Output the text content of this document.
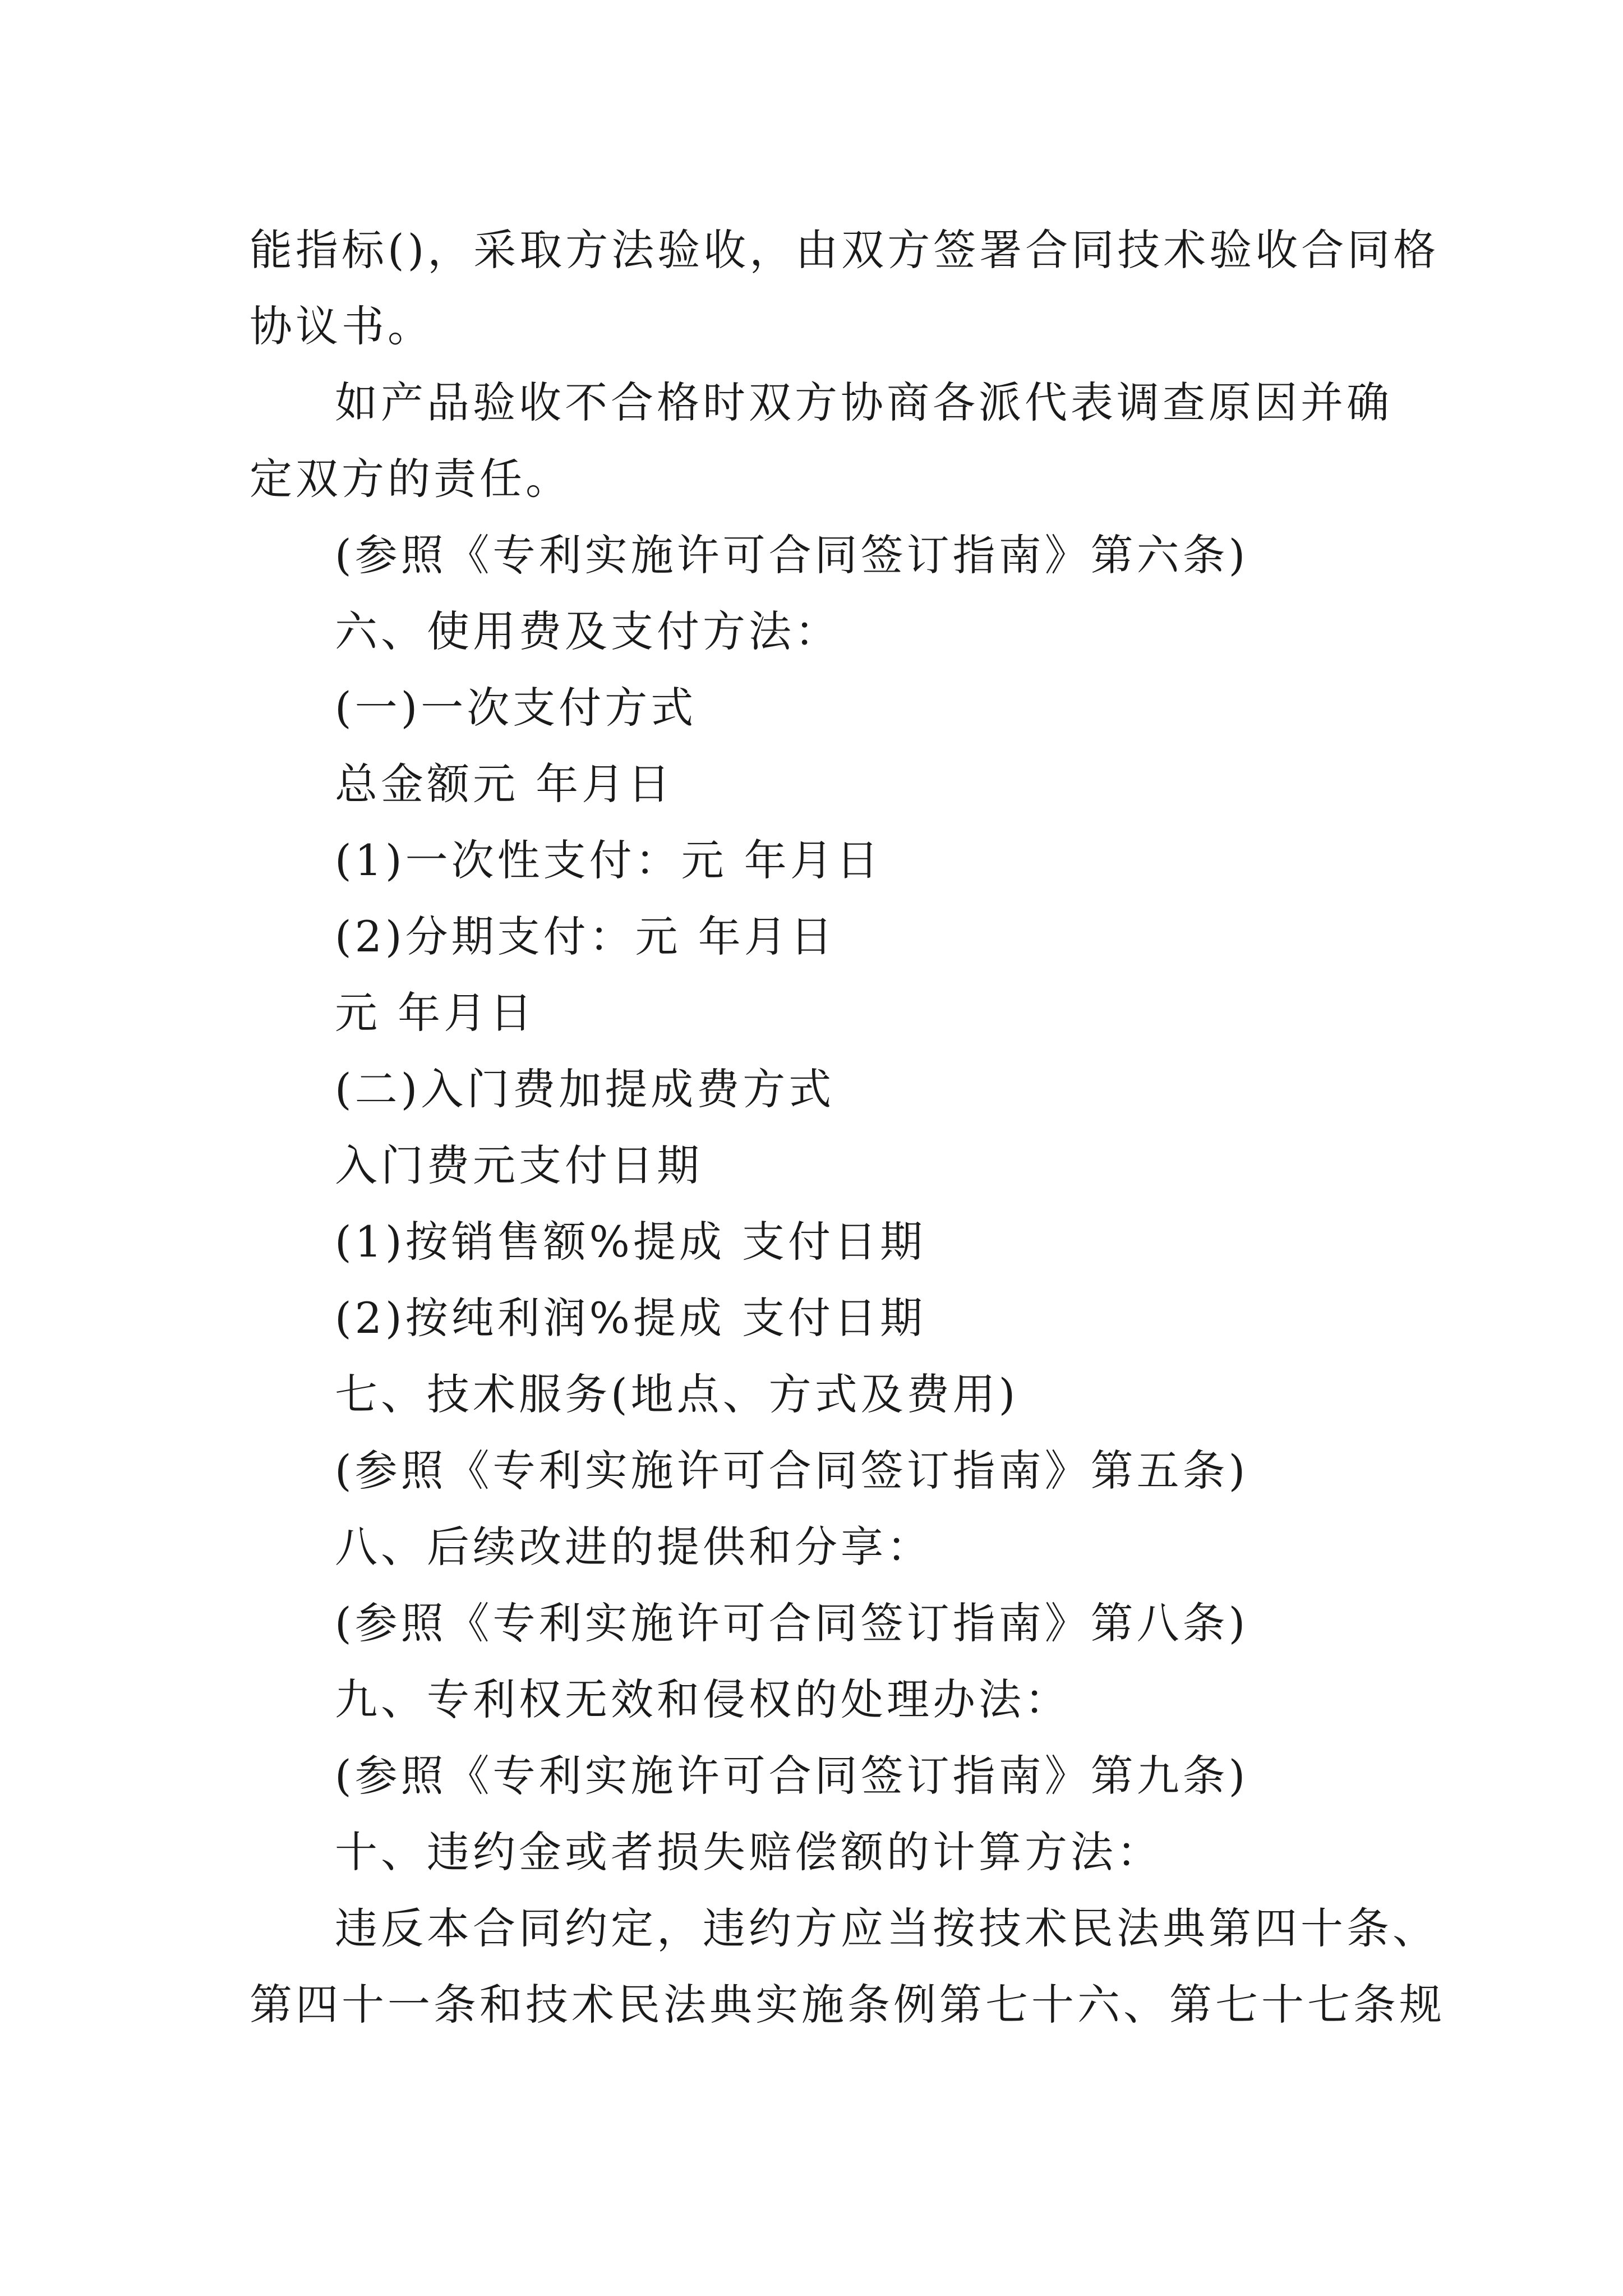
能指标()，采取方法验收，由双方签署合同技术验收合同格
协议书。
如产品验收不合格时双方协商各派代表调查原因并确
定双方的责任。
(参照《专利实施许可合同签订指南》第六条)
六、使用费及支付方法：
(一)一次支付方式
总金额元 年月日
(1)一次性支付：元 年月日
(2)分期支付：元 年月日
元 年月日
(二)入门费加提成费方式
入门费元支付日期
(1)按销售额%提成 支付日期
(2)按纯利润%提成 支付日期
七、技术服务(地点、方式及费用)
(参照《专利实施许可合同签订指南》第五条)
八、后续改进的提供和分享：
(参照《专利实施许可合同签订指南》第八条)
九、专利权无效和侵权的处理办法：
(参照《专利实施许可合同签订指南》第九条)
十、违约金或者损失赔偿额的计算方法：
违反本合同约定，违约方应当按技术民法典第四十条、
第四十一条和技术民法典实施条例第七十六、第七十七条规
